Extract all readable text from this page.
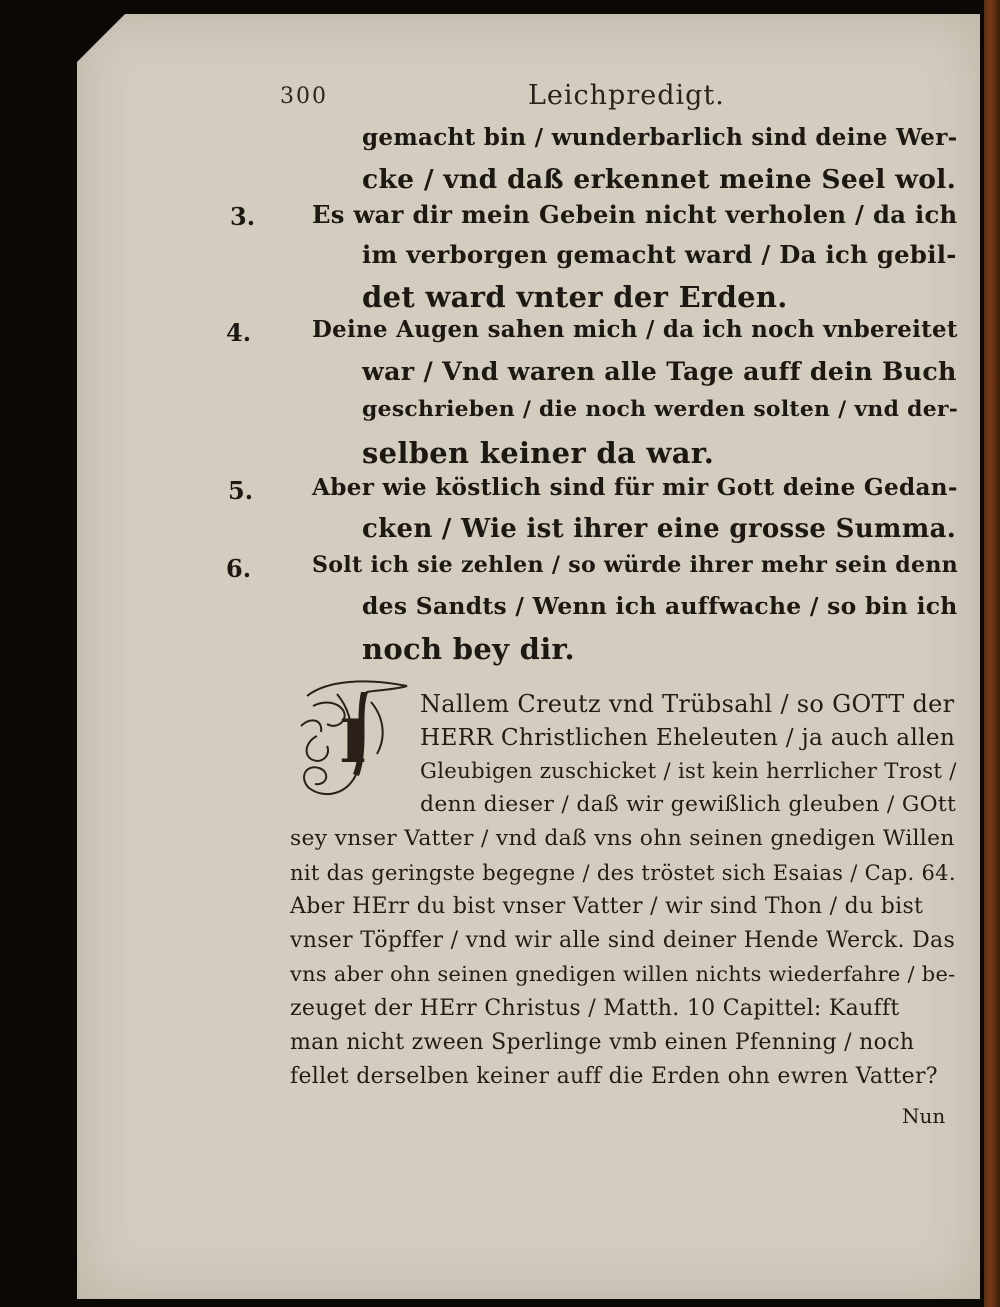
300	Leichpredigt.
gemacht bin / wunderbarlich sind deine Wer‑
cke / vnd daß erkennet meine Seel wol.
3. Es war dir mein Gebein nicht verholen / da ich
im verborgen gemacht ward / Da ich gebil‑
det ward vnter der Erden.
4.	Deine Augen sahen mich / da ich noch vnbereitet
war / Vnd waren alle Tage auff dein Buch
geschrieben / die noch werden solten / vnd der‑
selben keiner da war.
5.	Aber wie köstlich sind für mir Gott deine Gedan‑
cken / Wie ist ihrer eine grosse Summa.
6.	Solt ich sie zehlen / so würde ihrer mehr sein denn
des Sandts / Wenn ich auffwache / so bin ich
noch bey dir.
I
Nallem Creutz vnd Trübsahl / so GOTT der
HERR Christlichen Eheleuten / ja auch allen
Gleubigen zuschicket / ist kein herrlicher Trost /
denn dieser / daß wir gewißlich gleuben / GOtt
sey vnser Vatter / vnd daß vns ohn seinen gnedigen Willen
nit das geringste begegne / des tröstet sich Esaias / Cap. 64.
Aber HErr du bist vnser Vatter / wir sind Thon / du bist
vnser Töpffer / vnd wir alle sind deiner Hende Werck. Das
vns aber ohn seinen gnedigen willen nichts wiederfahre / be‑
zeuget der HErr Christus / Matth. 10 Capittel: Kaufft
man nicht zween Sperlinge vmb einen Pfenning / noch
fellet derselben keiner auff die Erden ohn ewren Vatter?
Nun
